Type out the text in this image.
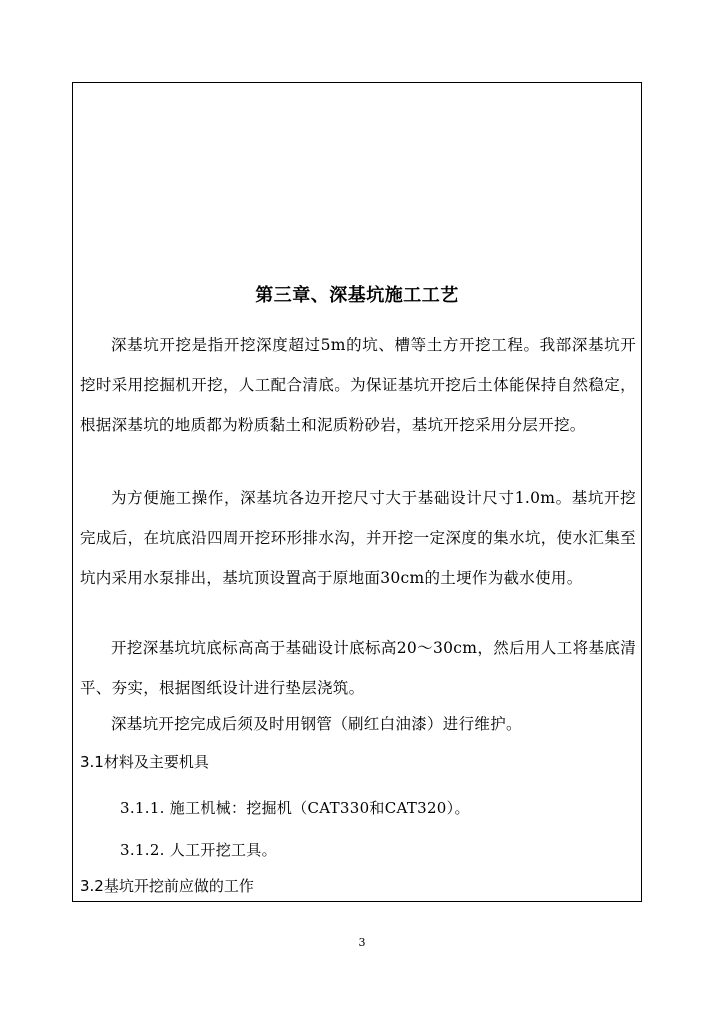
第三章、深基坑施工工艺

深基坑开挖是指开挖深度超过5m的坑、槽等土方开挖工程。我部深基坑开挖时采用挖掘机开挖，人工配合清底。为保证基坑开挖后土体能保持自然稳定，根据深基坑的地质都为粉质黏土和泥质粉砂岩，基坑开挖采用分层开挖。

为方便施工操作，深基坑各边开挖尺寸大于基础设计尺寸1.0m。基坑开挖完成后，在坑底沿四周开挖环形排水沟，并开挖一定深度的集水坑，使水汇集至坑内采用水泵排出，基坑顶设置高于原地面30cm的土埂作为截水使用。

开挖深基坑坑底标高高于基础设计底标高20～30cm，然后用人工将基底清平、夯实，根据图纸设计进行垫层浇筑。

深基坑开挖完成后须及时用钢管（刷红白油漆）进行维护。

3.1材料及主要机具
3.1.1. 施工机械：挖掘机（CAT330和CAT320）。
3.1.2. 人工开挖工具。
3.2基坑开挖前应做的工作
3
